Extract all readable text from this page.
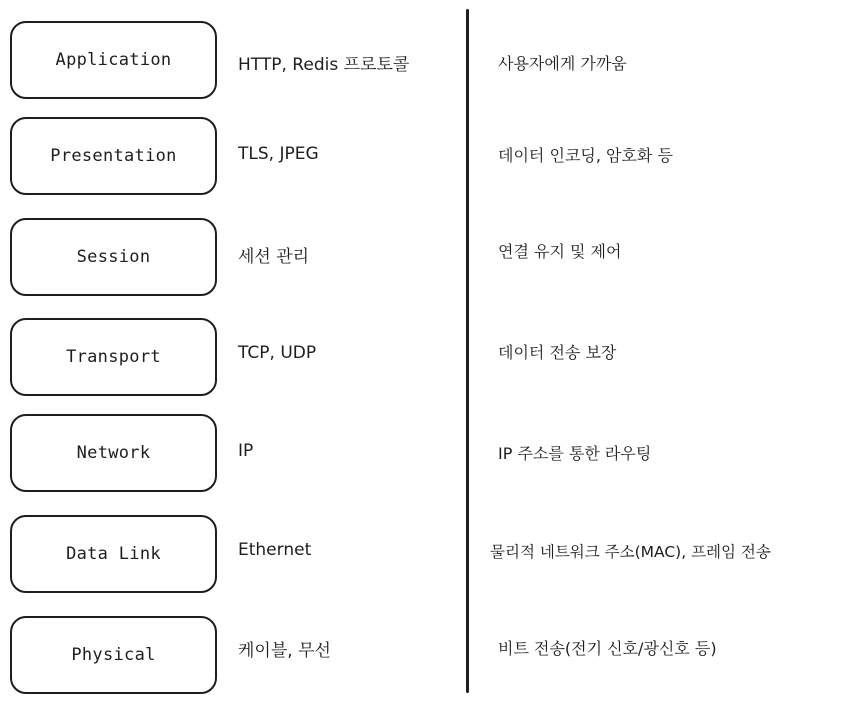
Application	HTTP, Redis 프로토콜	사용자에게 가까움
Presentation	TLS, JPEG	데이터 인코딩, 암호화 등
Session	세션 관리	연결 유지 및 제어
Transport	TCP, UDP	데이터 전송 보장
Network	IP	IP 주소를 통한 라우팅
Data Link	Ethernet	물리적 네트워크 주소(MAC), 프레임 전송
Physical	케이블, 무선	비트 전송(전기 신호/광신호 등)
